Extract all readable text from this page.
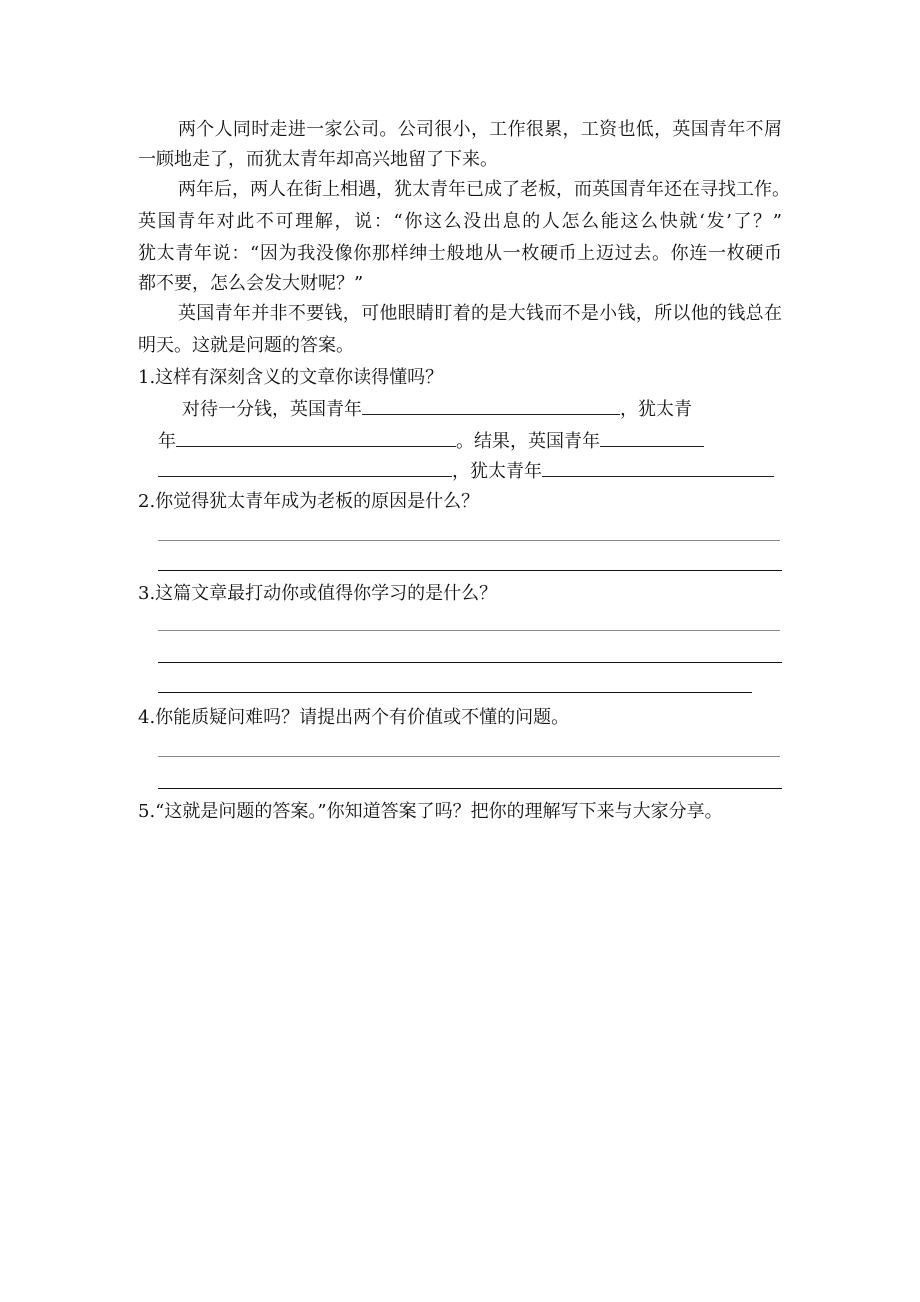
两个人同时走进一家公司。公司很小，工作很累，工资也低，英国青年不屑
一顾地走了，而犹太青年却高兴地留了下来。
两年后，两人在街上相遇，犹太青年已成了老板，而英国青年还在寻找工作。
英国青年对此不可理解，说：“你这么没出息的人怎么能这么快就‘发’了？”
犹太青年说：“因为我没像你那样绅士般地从一枚硬币上迈过去。你连一枚硬币
都不要，怎么会发大财呢？”
英国青年并非不要钱，可他眼睛盯着的是大钱而不是小钱，所以他的钱总在
明天。这就是问题的答案。
1.这样有深刻含义的文章你读得懂吗？
对待一分钱，英国青年	，犹太青
年	。结果，英国青年
，犹太青年
2.你觉得犹太青年成为老板的原因是什么？
3.这篇文章最打动你或值得你学习的是什么？
4.你能质疑问难吗？请提出两个有价值或不懂的问题。
5.“这就是问题的答案。”你知道答案了吗？把你的理解写下来与大家分享。
